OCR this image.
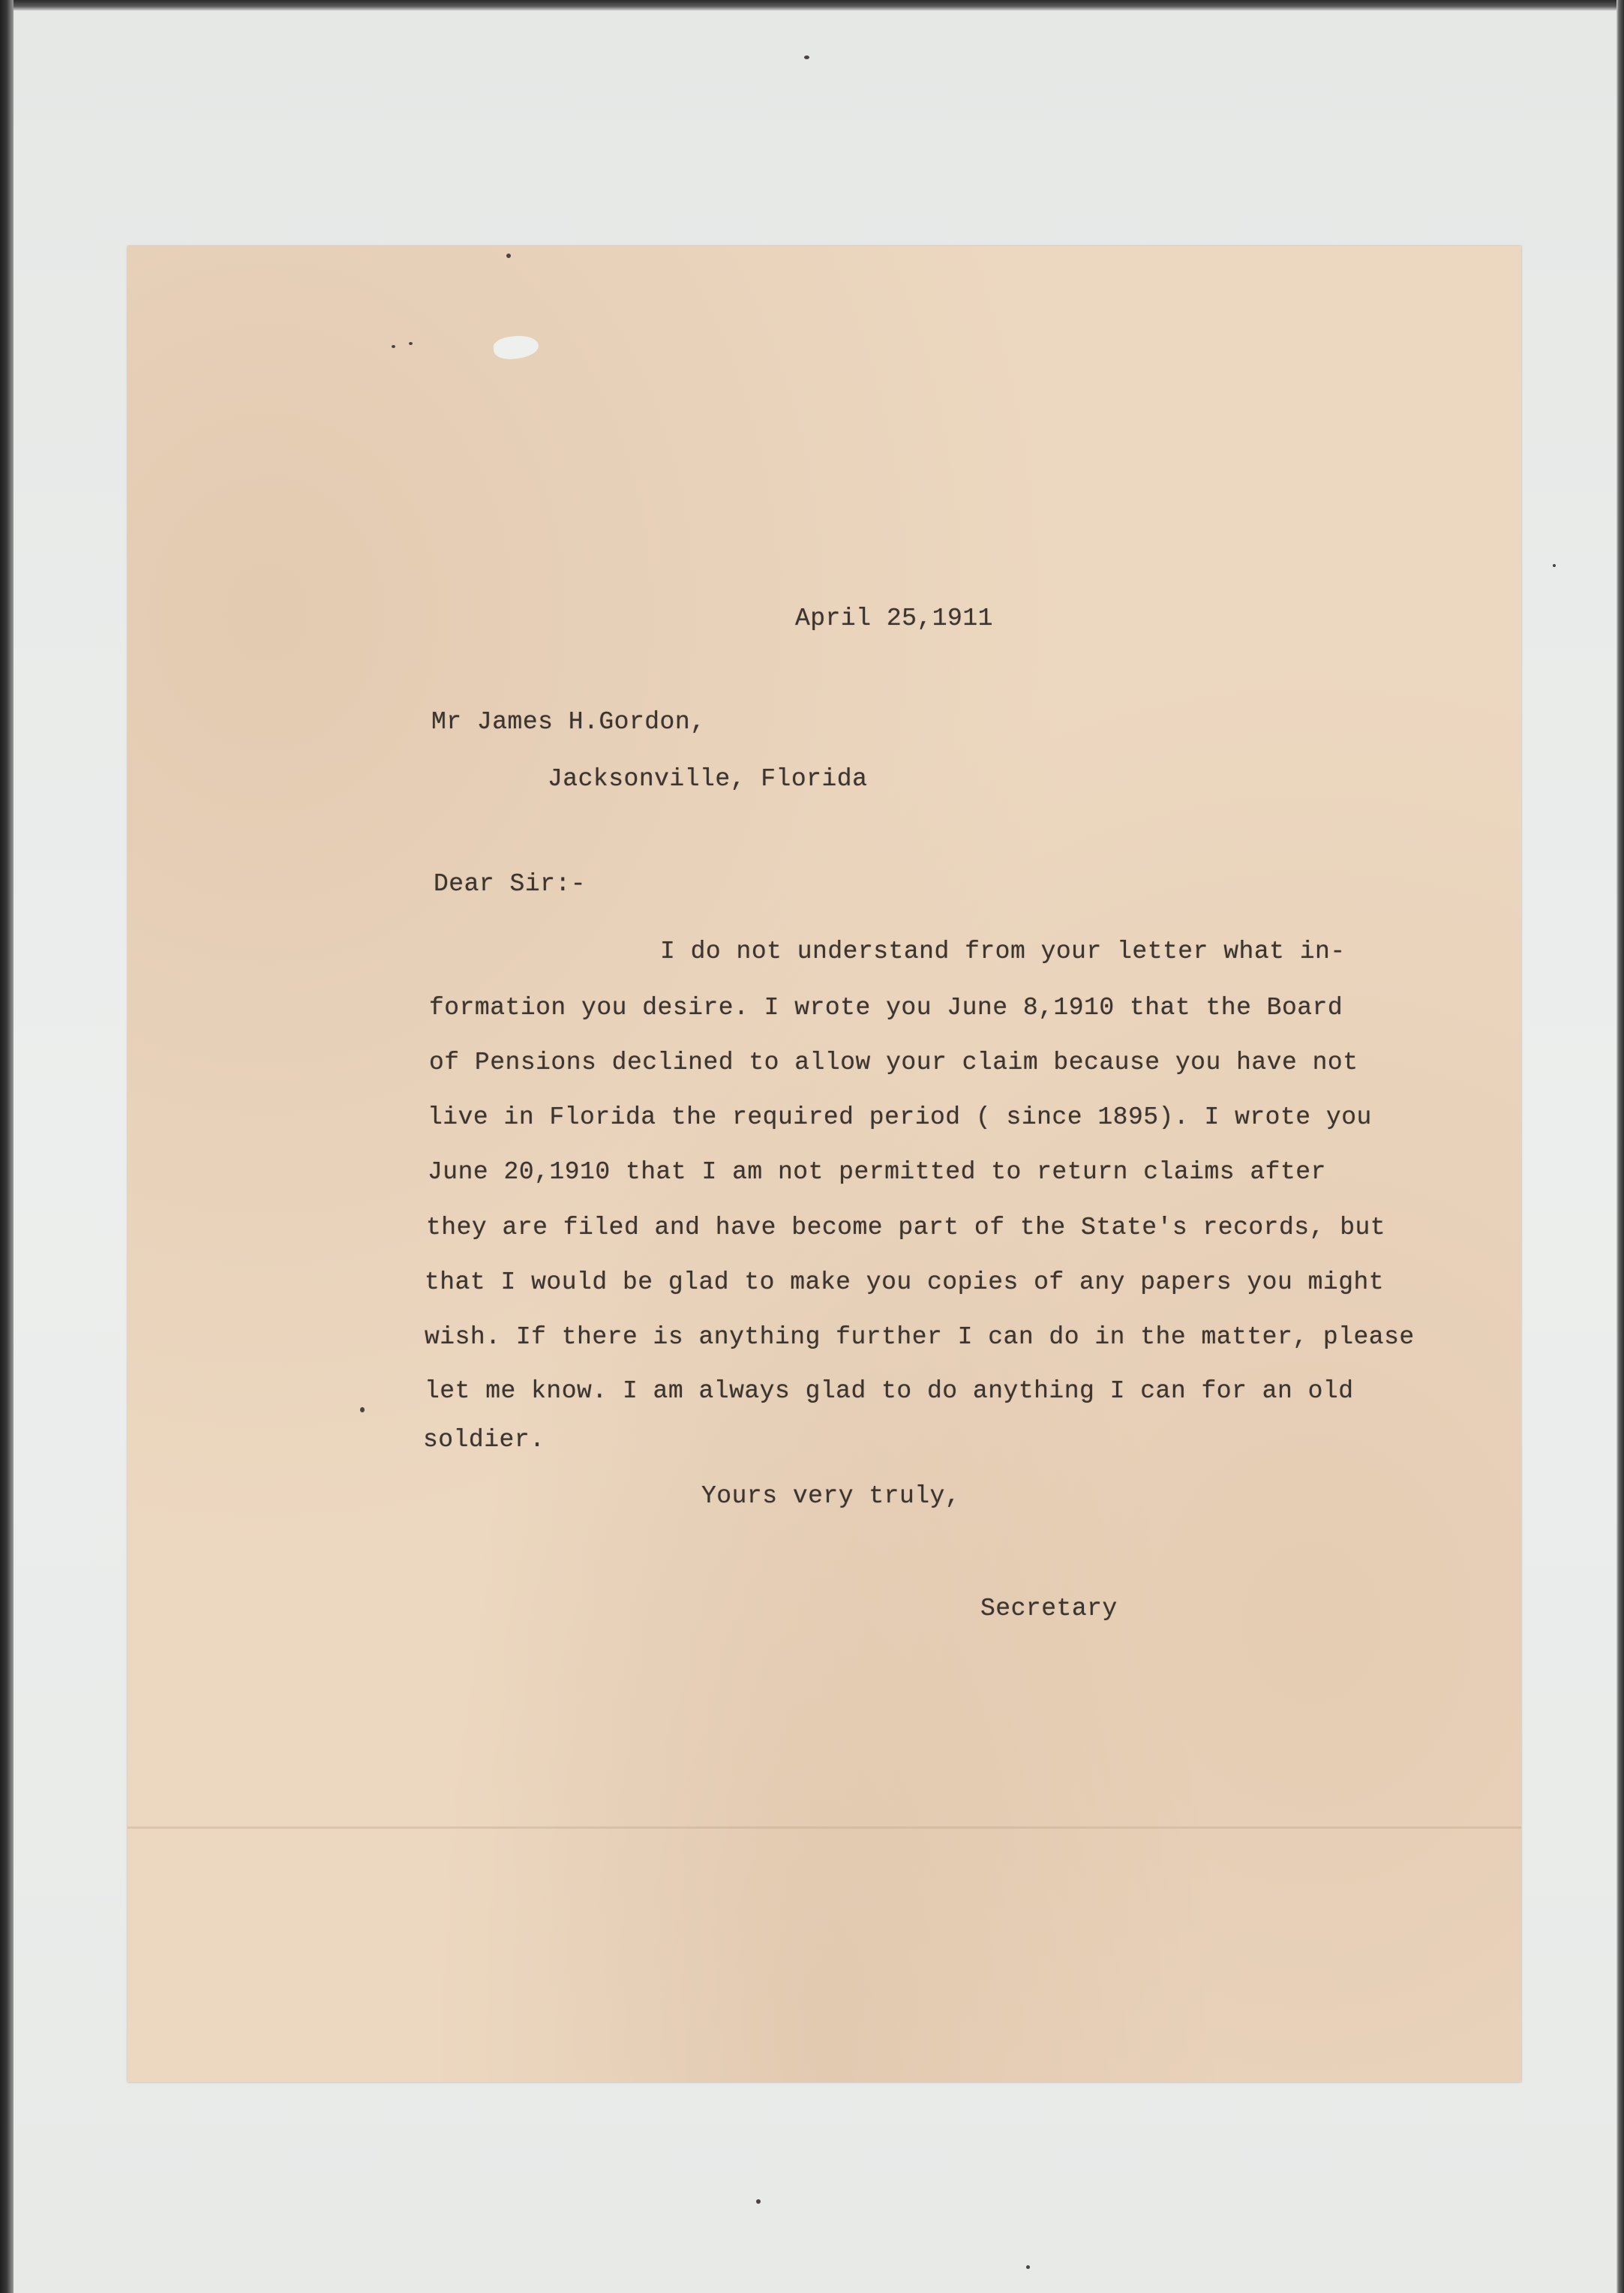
April 25,1911
Mr James H.Gordon,
Jacksonville, Florida
Dear Sir:-
I do not understand from your letter what in-
formation you desire. I wrote you June 8,1910 that the Board
of Pensions declined to allow your claim because you have not
live in Florida the required period ( since 1895). I wrote you
June 20,1910 that I am not permitted to return claims after
they are filed and have become part of the State's records, but
that I would be glad to make you copies of any papers you might
wish. If there is anything further I can do in the matter, please
let me know. I am always glad to do anything I can for an old
soldier.
Yours very truly,
Secretary
